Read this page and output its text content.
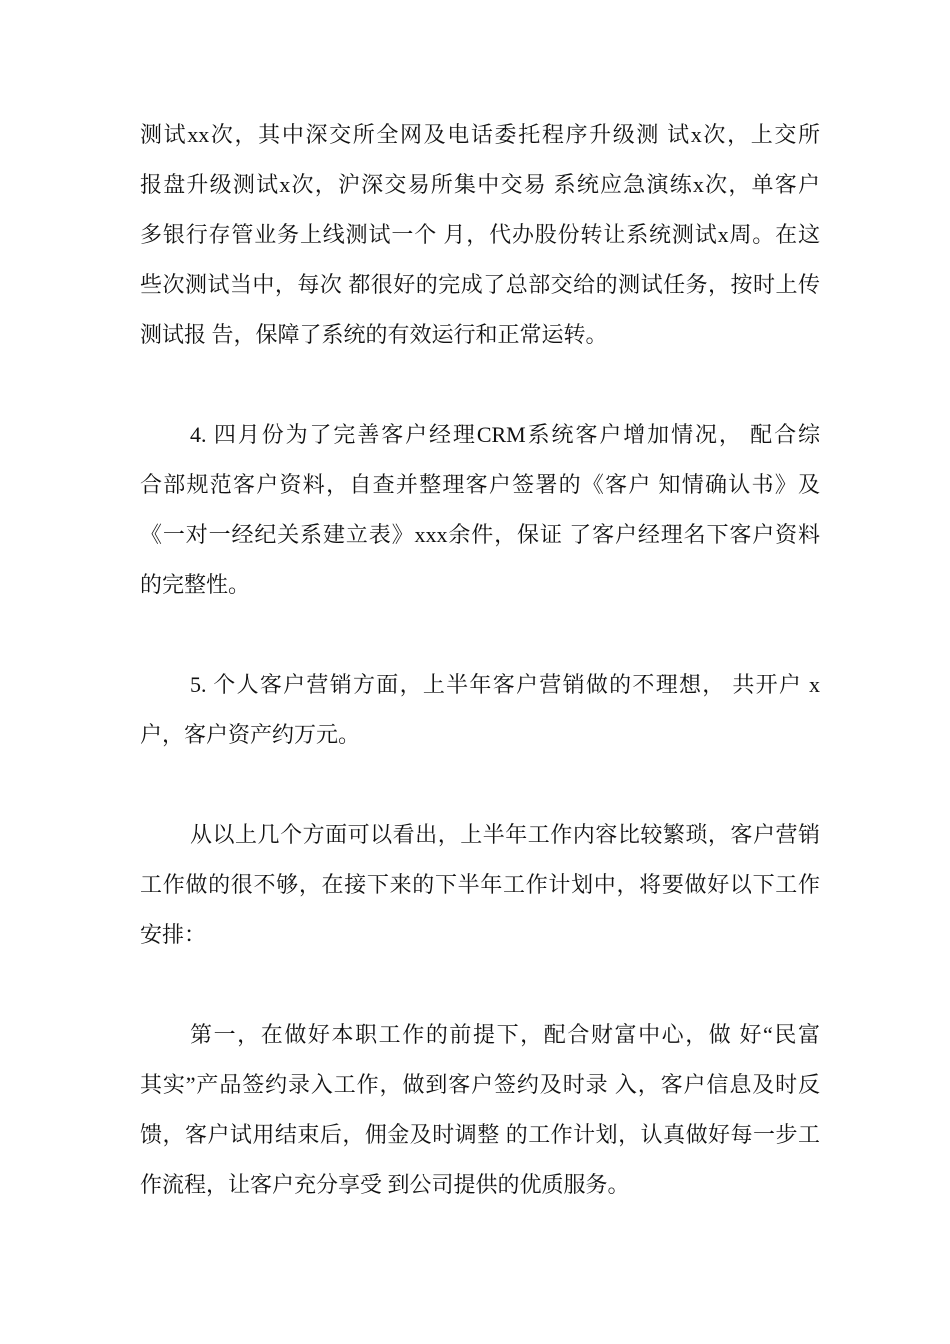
测试xx次，其中深交所全网及电话委托程序升级测 试x次，上交所
报盘升级测试x次，沪深交易所集中交易 系统应急演练x次，单客户
多银行存管业务上线测试一个 月，代办股份转让系统测试x周。在这
些次测试当中，每次 都很好的完成了总部交给的测试任务，按时上传
测试报 告，保障了系统的有效运行和正常运转。
4. 四月份为了完善客户经理CRM系统客户增加情况， 配合综
合部规范客户资料，自查并整理客户签署的《客户 知情确认书》及
《一对一经纪关系建立表》xxx余件，保证 了客户经理名下客户资料
的完整性。
5. 个人客户营销方面，上半年客户营销做的不理想， 共开户 x
户，客户资产约万元。
从以上几个方面可以看出，上半年工作内容比较繁琐，客户营销
工作做的很不够，在接下来的下半年工作计划中，将要做好以下工作
安排：
第一，在做好本职工作的前提下，配合财富中心，做 好“民富
其实”产品签约录入工作，做到客户签约及时录 入，客户信息及时反
馈，客户试用结束后，佣金及时调整 的工作计划，认真做好每一步工
作流程，让客户充分享受 到公司提供的优质服务。
